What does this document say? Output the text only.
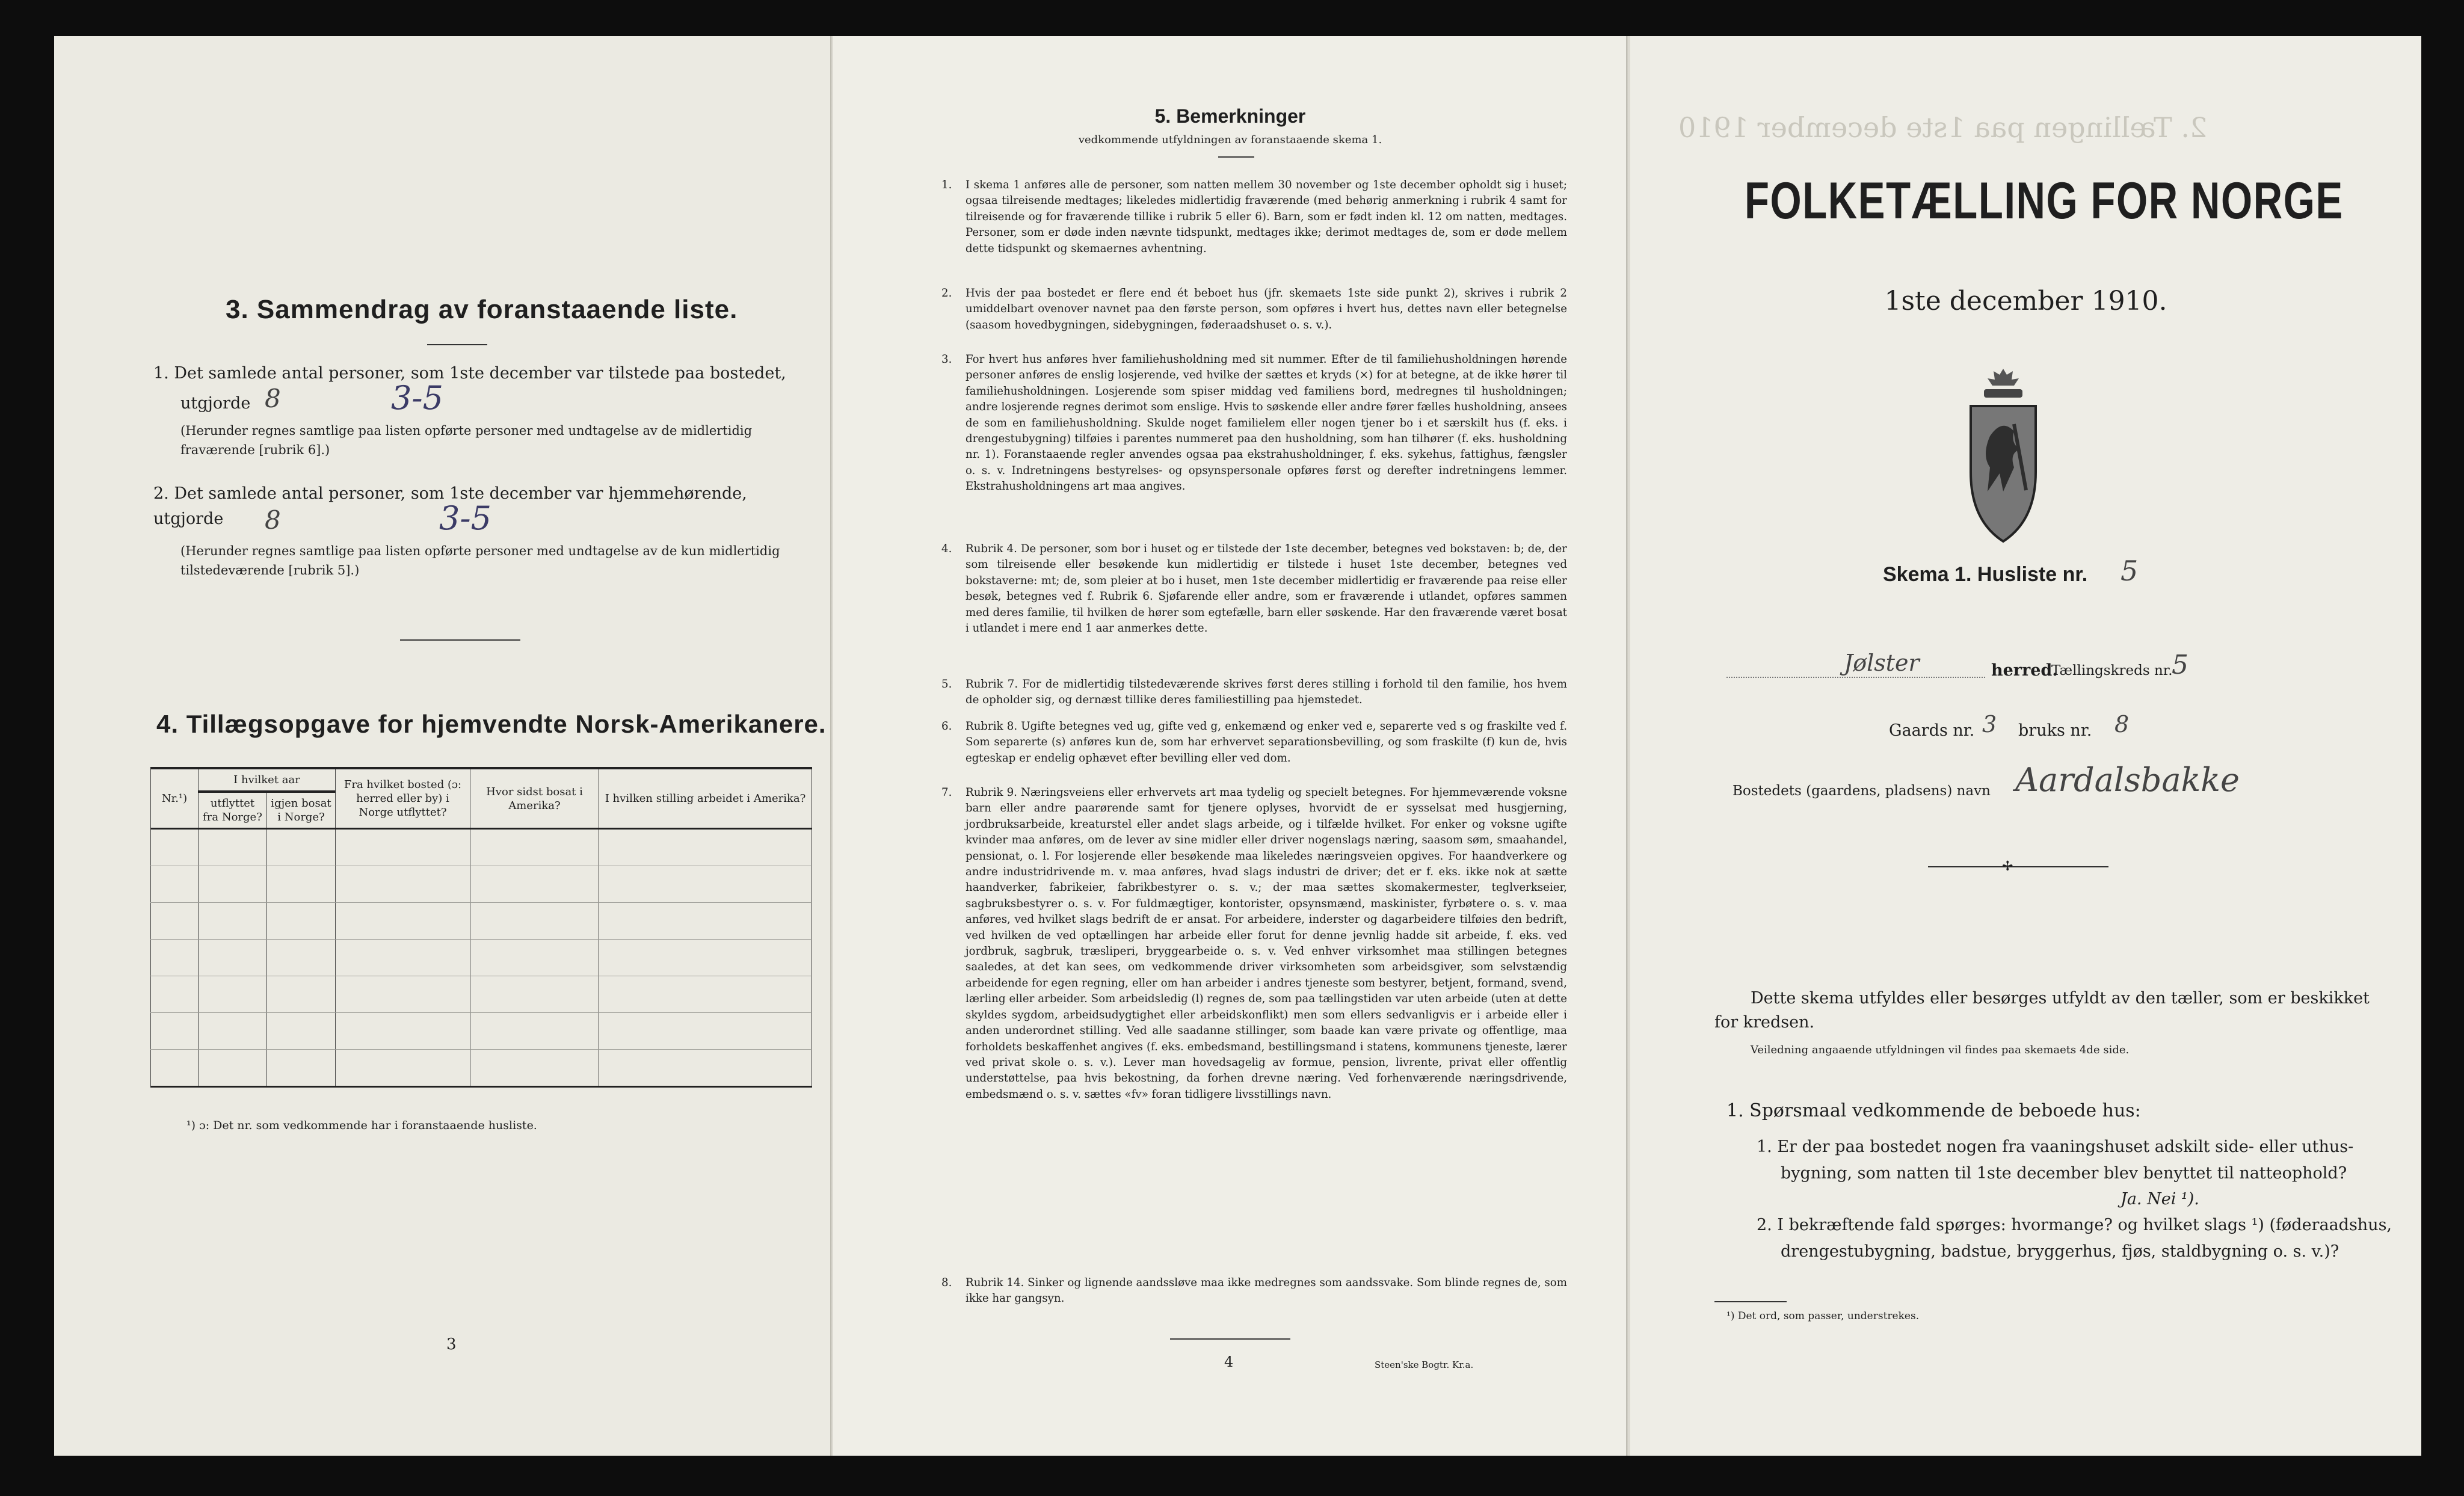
3. Sammendrag av foranstaaende liste.
1. Det samlede antal personer, som 1ste december var tilstede paa bostedet,
utgjorde 8	3-5
(Herunder regnes samtlige paa listen opførte personer med undtagelse av de midlertidig fraværende [rubrik 6].)
2. Det samlede antal personer, som 1ste december var hjemmehørende, utgjorde	8	3-5
(Herunder regnes samtlige paa listen opførte personer med undtagelse av de kun midlertidig tilstedeværende [rubrik 5].)
4. Tillægsopgave for hjemvendte Norsk-Amerikanere.
Nr.¹)	I hvilket aar		Fra hvilket bosted (ɔ: herred eller by) i Norge utflyttet?	Hvor sidst bosat i Amerika?	I hvilken stilling arbeidet i Amerika?
	utflyttet fra Norge?	igjen bosat i Norge?			

¹) ɔ: Det nr. som vedkommende har i foranstaaende husliste.
3
5. Bemerkninger
vedkommende utfyldningen av foranstaaende skema 1.
1. I skema 1 anføres alle de personer, som natten mellem 30 november og 1ste december opholdt sig i huset; ogsaa tilreisende medtages; likeledes midlertidig fraværende (med behørig anmerkning i rubrik 4 samt for tilreisende og for fraværende tillike i rubrik 5 eller 6). Barn, som er født inden kl. 12 om natten, medtages. Personer, som er døde inden nævnte tidspunkt, medtages ikke; derimot medtages de, som er døde mellem dette tidspunkt og skemaernes avhentning.
2. Hvis der paa bostedet er flere end ét beboet hus (jfr. skemaets 1ste side punkt 2), skrives i rubrik 2 umiddelbart ovenover navnet paa den første person, som opføres i hvert hus, dettes navn eller betegnelse (saasom hovedbygningen, sidebygningen, føderaadshuset o. s. v.).
3. For hvert hus anføres hver familiehusholdning med sit nummer. Efter de til familiehusholdningen hørende personer anføres de enslig losjerende, ved hvilke der sættes et kryds (×) for at betegne, at de ikke hører til familiehusholdningen. Losjerende som spiser middag ved familiens bord, medregnes til husholdningen; andre losjerende regnes derimot som enslige. Hvis to søskende eller andre fører fælles husholdning, ansees de som en familiehusholdning. Skulde noget familielem eller nogen tjener bo i et særskilt hus (f. eks. i drengestubygning) tilføies i parentes nummeret paa den husholdning, som han tilhører (f. eks. husholdning nr. 1). Foranstaaende regler anvendes ogsaa paa ekstrahusholdninger, f. eks. sykehus, fattighus, fængsler o. s. v. Indretningens bestyrelses- og opsynspersonale opføres først og derefter indretningens lemmer. Ekstrahusholdningens art maa angives.
4. Rubrik 4. De personer, som bor i huset og er tilstede der 1ste december, betegnes ved bokstaven: b; de, der som tilreisende eller besøkende kun midlertidig er tilstede i huset 1ste december, betegnes ved bokstaverne: mt; de, som pleier at bo i huset, men 1ste december midlertidig er fraværende paa reise eller besøk, betegnes ved f. Rubrik 6. Sjøfarende eller andre, som er fraværende i utlandet, opføres sammen med deres familie, til hvilken de hører som egtefælle, barn eller søskende. Har den fraværende været bosat i utlandet i mere end 1 aar anmerkes dette.
5. Rubrik 7. For de midlertidig tilstedeværende skrives først deres stilling i forhold til den familie, hos hvem de opholder sig, og dernæst tillike deres familiestilling paa hjemstedet.
6. Rubrik 8. Ugifte betegnes ved ug, gifte ved g, enkemænd og enker ved e, separerte ved s og fraskilte ved f. Som separerte (s) anføres kun de, som har erhvervet separationsbevilling, og som fraskilte (f) kun de, hvis egteskap er endelig ophævet efter bevilling eller ved dom.
7. Rubrik 9. Næringsveiens eller erhvervets art maa tydelig og specielt betegnes. For hjemmeværende voksne barn eller andre paarørende samt for tjenere oplyses, hvorvidt de er sysselsat med husgjerning, jordbruksarbeide, kreaturstel eller andet slags arbeide, og i tilfælde hvilket. For enker og voksne ugifte kvinder maa anføres, om de lever av sine midler eller driver nogenslags næring, saasom søm, smaahandel, pensionat, o. l. For losjerende eller besøkende maa likeledes næringsveien opgives. For haandverkere og andre industridrivende m. v. maa anføres, hvad slags industri de driver; det er f. eks. ikke nok at sætte haandverker, fabrikeier, fabrikbestyrer o. s. v.; der maa sættes skomakermester, teglverkseier, sagbruksbestyrer o. s. v. For fuldmægtiger, kontorister, opsynsmænd, maskinister, fyrbøtere o. s. v. maa anføres, ved hvilket slags bedrift de er ansat. For arbeidere, inderster og dagarbeidere tilføies den bedrift, ved hvilken de ved optællingen har arbeide eller forut for denne jevnlig hadde sit arbeide, f. eks. ved jordbruk, sagbruk, træsliperi, bryggearbeide o. s. v. Ved enhver virksomhet maa stillingen betegnes saaledes, at det kan sees, om vedkommende driver virksomheten som arbeidsgiver, som selvstændig arbeidende for egen regning, eller om han arbeider i andres tjeneste som bestyrer, betjent, formand, svend, lærling eller arbeider. Som arbeidsledig (l) regnes de, som paa tællingstiden var uten arbeide (uten at dette skyldes sygdom, arbeidsudygtighet eller arbeidskonflikt) men som ellers sedvanligvis er i arbeide eller i anden underordnet stilling. Ved alle saadanne stillinger, som baade kan være private og offentlige, maa forholdets beskaffenhet angives (f. eks. embedsmand, bestillingsmand i statens, kommunens tjeneste, lærer ved privat skole o. s. v.). Lever man hovedsagelig av formue, pension, livrente, privat eller offentlig understøttelse, paa hvis bekostning, da forhen drevne næring. Ved forhenværende næringsdrivende, embedsmænd o. s. v. sættes «fv» foran tidligere livsstillings navn.
8. Rubrik 14. Sinker og lignende aandssløve maa ikke medregnes som aandssvake. Som blinde regnes de, som ikke har gangsyn.
4	Steen'ske Bogtr. Kr.a.
2. Tællingen paa 1ste december 1910
FOLKETÆLLING FOR NORGE
1ste december 1910.
Skema 1. Husliste nr. 5
Jølster	herred.
Tællingskreds nr.
5
Gaards nr. 3 bruks nr. 8
Bostedets (gaardens, pladsens) navn Aardalsbakke
✢
Dette skema utfyldes eller besørges utfyldt av den tæller, som er beskikket for kredsen.
Veiledning angaaende utfyldningen vil findes paa skemaets 4de side.
1. Spørsmaal vedkommende de beboede hus:
1. Er der paa bostedet nogen fra vaaningshuset adskilt side- eller uthus-bygning, som natten til 1ste december blev benyttet til natteophold?
Ja. Nei ¹).
2. I bekræftende fald spørges: hvormange? og hvilket slags ¹) (føderaadshus, drengestubygning, badstue, bryggerhus, fjøs, staldbygning o. s. v.)?
¹) Det ord, som passer, understrekes.
